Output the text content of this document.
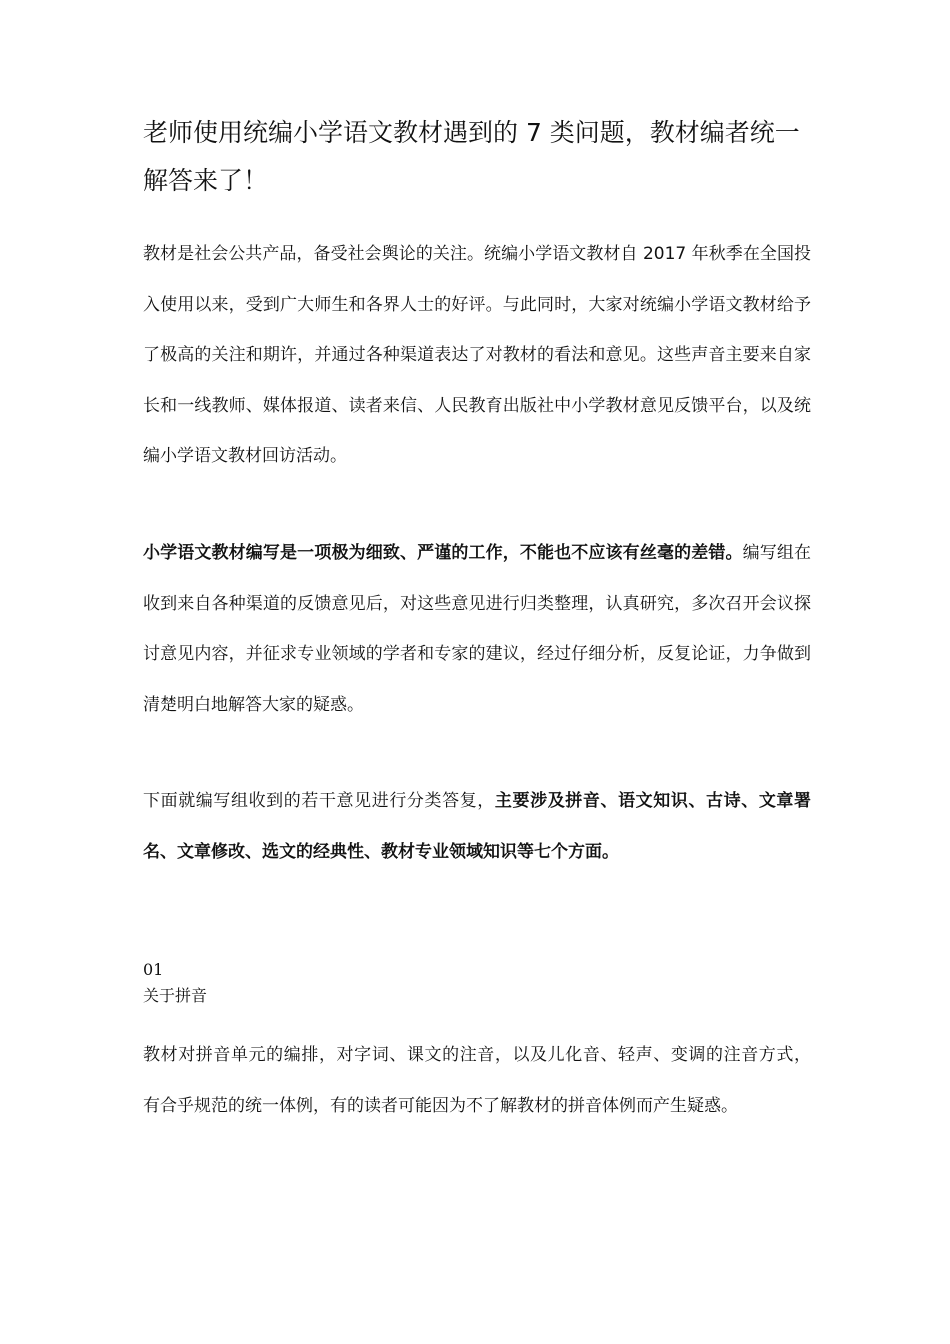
老师使用统编小学语文教材遇到的 7 类问题，教材编者统一解答来了！

教材是社会公共产品，备受社会舆论的关注。统编小学语文教材自 2017 年秋季在全国投入使用以来，受到广大师生和各界人士的好评。与此同时，大家对统编小学语文教材给予了极高的关注和期许，并通过各种渠道表达了对教材的看法和意见。这些声音主要来自家长和一线教师、媒体报道、读者来信、人民教育出版社中小学教材意见反馈平台，以及统编小学语文教材回访活动。

小学语文教材编写是一项极为细致、严谨的工作，不能也不应该有丝毫的差错。编写组在收到来自各种渠道的反馈意见后，对这些意见进行归类整理，认真研究，多次召开会议探讨意见内容，并征求专业领域的学者和专家的建议，经过仔细分析，反复论证，力争做到清楚明白地解答大家的疑惑。

下面就编写组收到的若干意见进行分类答复，主要涉及拼音、语文知识、古诗、文章署名、文章修改、选文的经典性、教材专业领域知识等七个方面。

01
关于拼音

教材对拼音单元的编排，对字词、课文的注音，以及儿化音、轻声、变调的注音方式， 有合乎规范的统一体例，有的读者可能因为不了解教材的拼音体例而产生疑惑。
